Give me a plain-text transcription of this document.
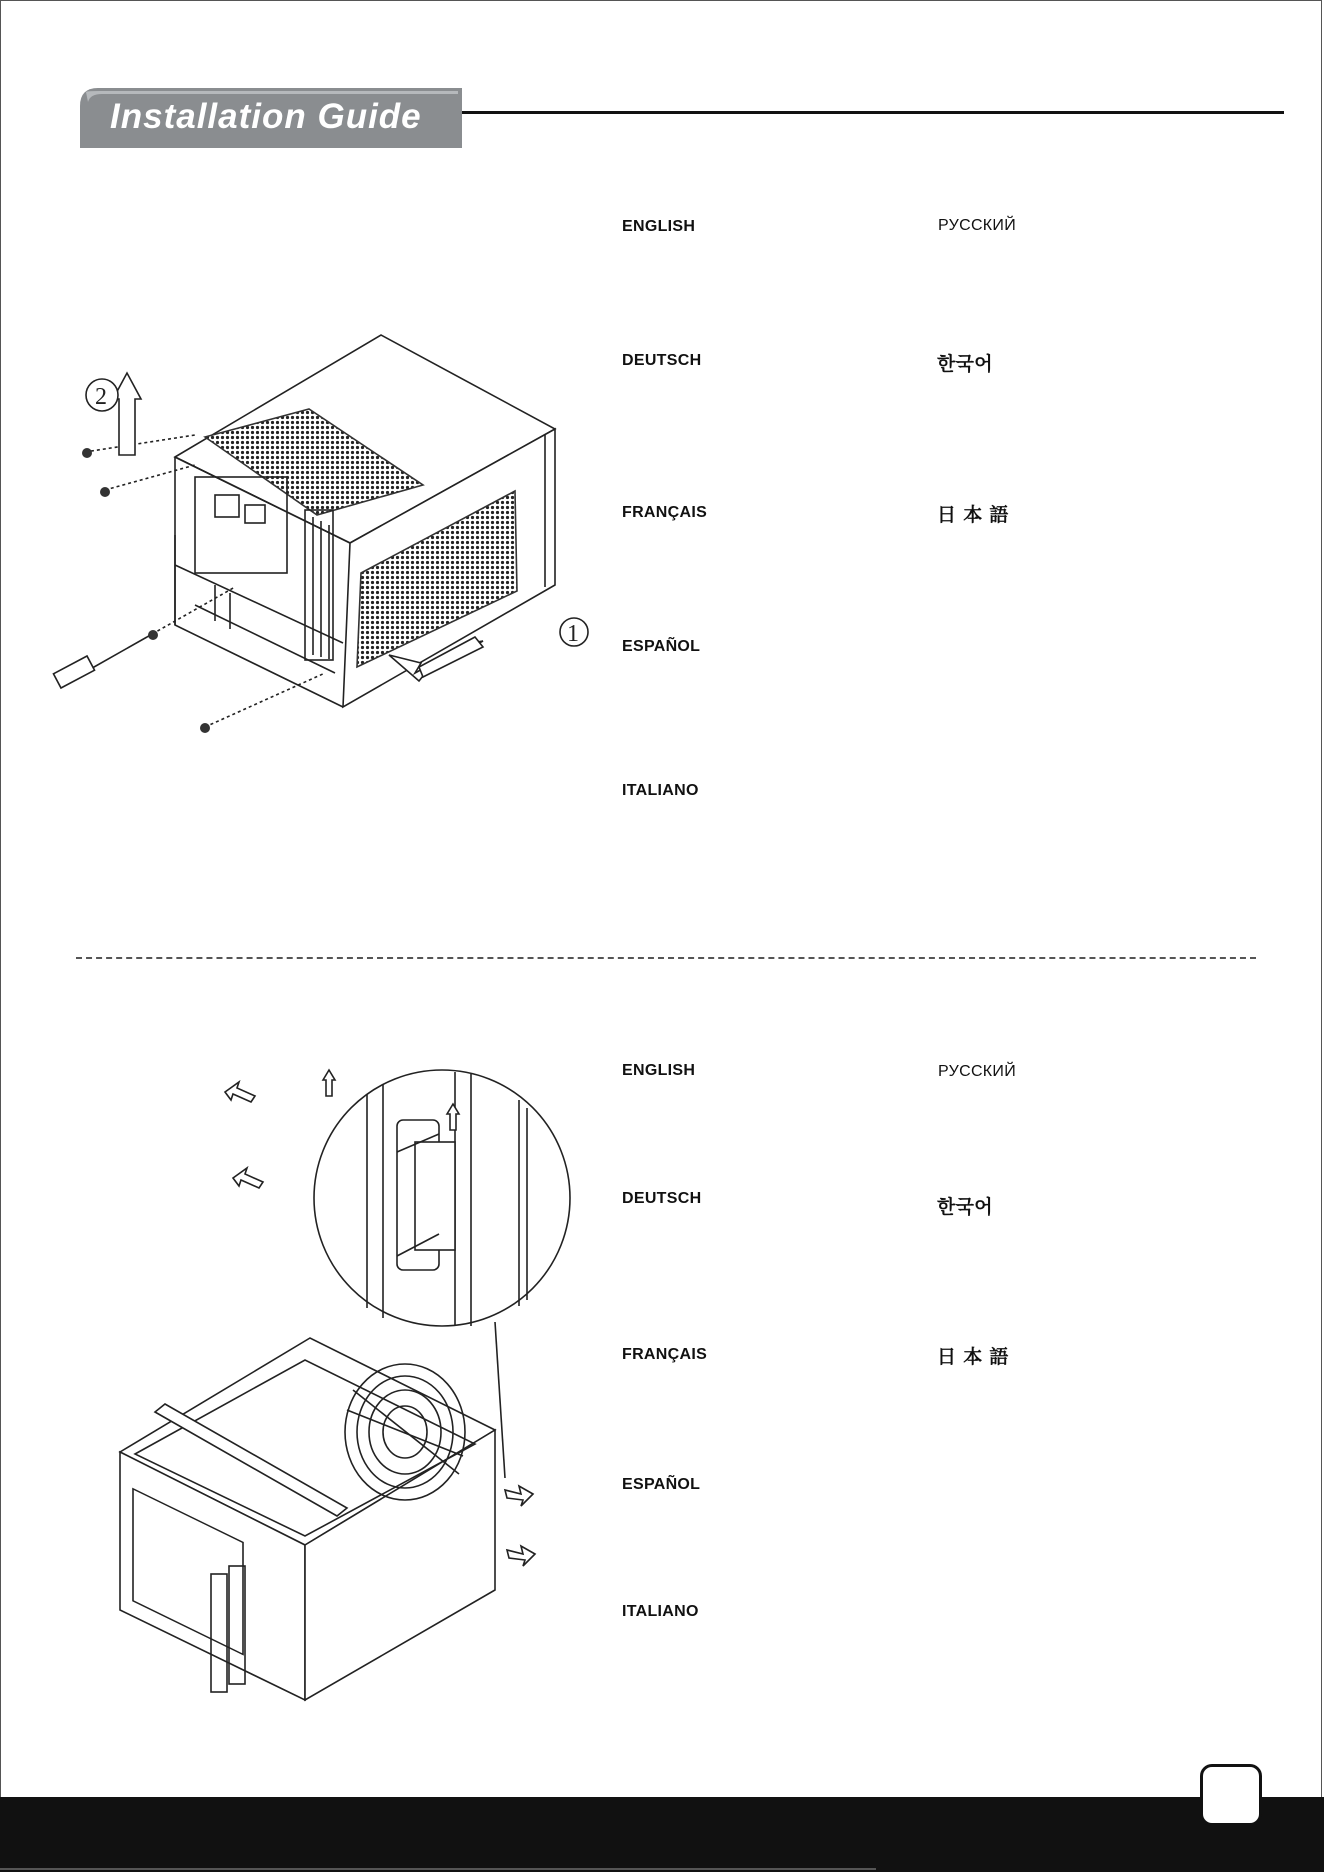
Installation Guide
2
1
ENGLISH
DEUTSCH
FRANÇAIS
ESPAÑOL
ITALIANO
РУССКИЙ
한국어
日 本 語
ENGLISH
DEUTSCH
FRANÇAIS
ESPAÑOL
ITALIANO
РУССКИЙ
한국어
日 本 語
